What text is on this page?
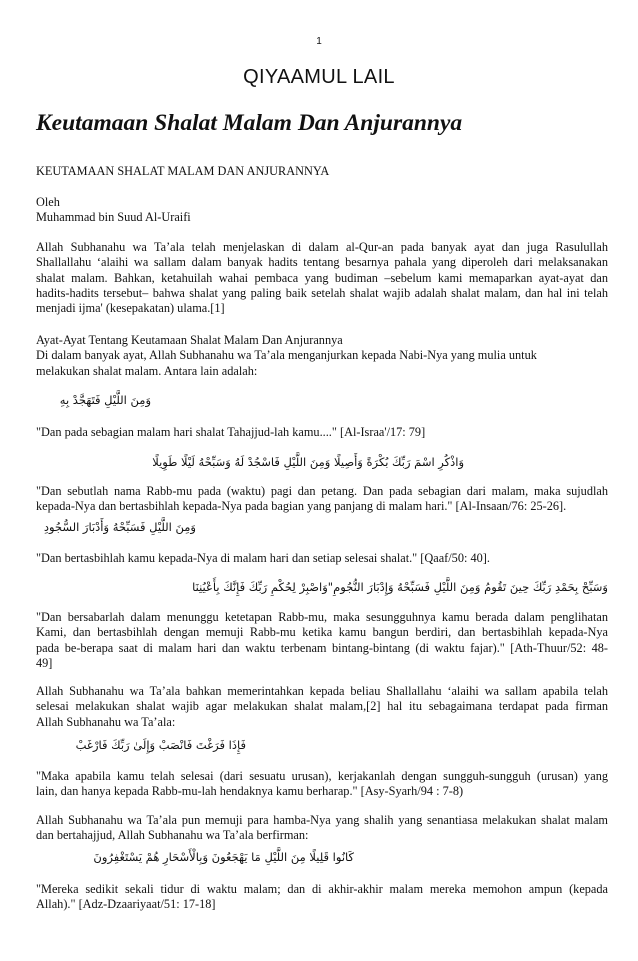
1
QIYAAMUL LAIL
Keutamaan Shalat Malam Dan Anjurannya

KEUTAMAAN SHALAT MALAM DAN ANJURANNYA

Oleh
Muhammad bin Suud Al-Uraifi

Allah Subhanahu wa Ta’ala telah menjelaskan di dalam al-Qur-an pada banyak ayat dan juga Rasulullah
Shallallahu ‘alaihi wa sallam dalam banyak hadits tentang besarnya pahala yang diperoleh dari melaksanakan
shalat malam. Bahkan, ketahuilah wahai pembaca yang budiman –sebelum kami memaparkan ayat-ayat dan
hadits-hadits tersebut– bahwa shalat yang paling baik setelah shalat wajib adalah shalat malam, dan hal ini telah
menjadi ijma' (kesepakatan) ulama.[1]

Ayat-Ayat Tentang Keutamaan Shalat Malam Dan Anjurannya
Di dalam banyak ayat, Allah Subhanahu wa Ta’ala menganjurkan kepada Nabi-Nya yang mulia untuk
melakukan shalat malam. Antara lain adalah:

وَمِنَ اللَّيْلِ فَتَهَجَّدْ بِهِ

"Dan pada sebagian malam hari shalat Tahajjud-lah kamu...." [Al-Israa'/17: 79]

وَاذْكُرِ اسْمَ رَبِّكَ بُكْرَةً وَأَصِيلًا وَمِنَ اللَّيْلِ فَاسْجُدْ لَهُ وَسَبِّحْهُ لَيْلًا طَوِيلًا

"Dan sebutlah nama Rabb-mu pada (waktu) pagi dan petang. Dan pada sebagian dari malam, maka sujudlah
kepada-Nya dan bertasbihlah kepada-Nya pada bagian yang panjang di malam hari." [Al-Insaan/76: 25-26].

وَمِنَ اللَّيْلِ فَسَبِّحْهُ وَأَدْبَارَ السُّجُودِ

"Dan bertasbihlah kamu kepada-Nya di malam hari dan setiap selesai shalat." [Qaaf/50: 40].

وَسَبِّحْ بِحَمْدِ رَبِّكَ حِينَ تَقُومُ وَمِنَ اللَّيْلِ فَسَبِّحْهُ وَإِدْبَارَ النُّجُومِ"وَاصْبِرْ لِحُكْمِ رَبِّكَ فَإِنَّكَ بِأَعْيُنِنَا

"Dan bersabarlah dalam menunggu ketetapan Rabb-mu, maka sesungguhnya kamu berada dalam penglihatan
Kami, dan bertasbihlah dengan memuji Rabb-mu ketika kamu bangun berdiri, dan bertasbihlah kepada-Nya
pada be-berapa saat di malam hari dan waktu terbenam bintang-bintang (di waktu fajar)." [Ath-Thuur/52: 48-
49]

Allah Subhanahu wa Ta’ala bahkan memerintahkan kepada beliau Shallallahu ‘alaihi wa sallam apabila telah
selesai melakukan shalat wajib agar melakukan shalat malam,[2] hal itu sebagaimana terdapat pada firman
Allah Subhanahu wa Ta’ala:

فَإِذَا فَرَغْتَ فَانْصَبْ وَإِلَىٰ رَبِّكَ فَارْغَبْ

"Maka apabila kamu telah selesai (dari sesuatu urusan), kerjakanlah dengan sungguh-sungguh (urusan) yang
lain, dan hanya kepada Rabb-mu-lah hendaknya kamu berharap." [Asy-Syarh/94 : 7-8)

Allah Subhanahu wa Ta’ala pun memuji para hamba-Nya yang shalih yang senantiasa melakukan shalat malam
dan bertahajjud, Allah Subhanahu wa Ta’ala berfirman:

كَانُوا قَلِيلًا مِنَ اللَّيْلِ مَا يَهْجَعُونَ وَبِالْأَسْحَارِ هُمْ يَسْتَغْفِرُونَ

"Mereka sedikit sekali tidur di waktu malam; dan di akhir-akhir malam mereka memohon ampun (kepada
Allah)." [Adz-Dzaariyaat/51: 17-18]
